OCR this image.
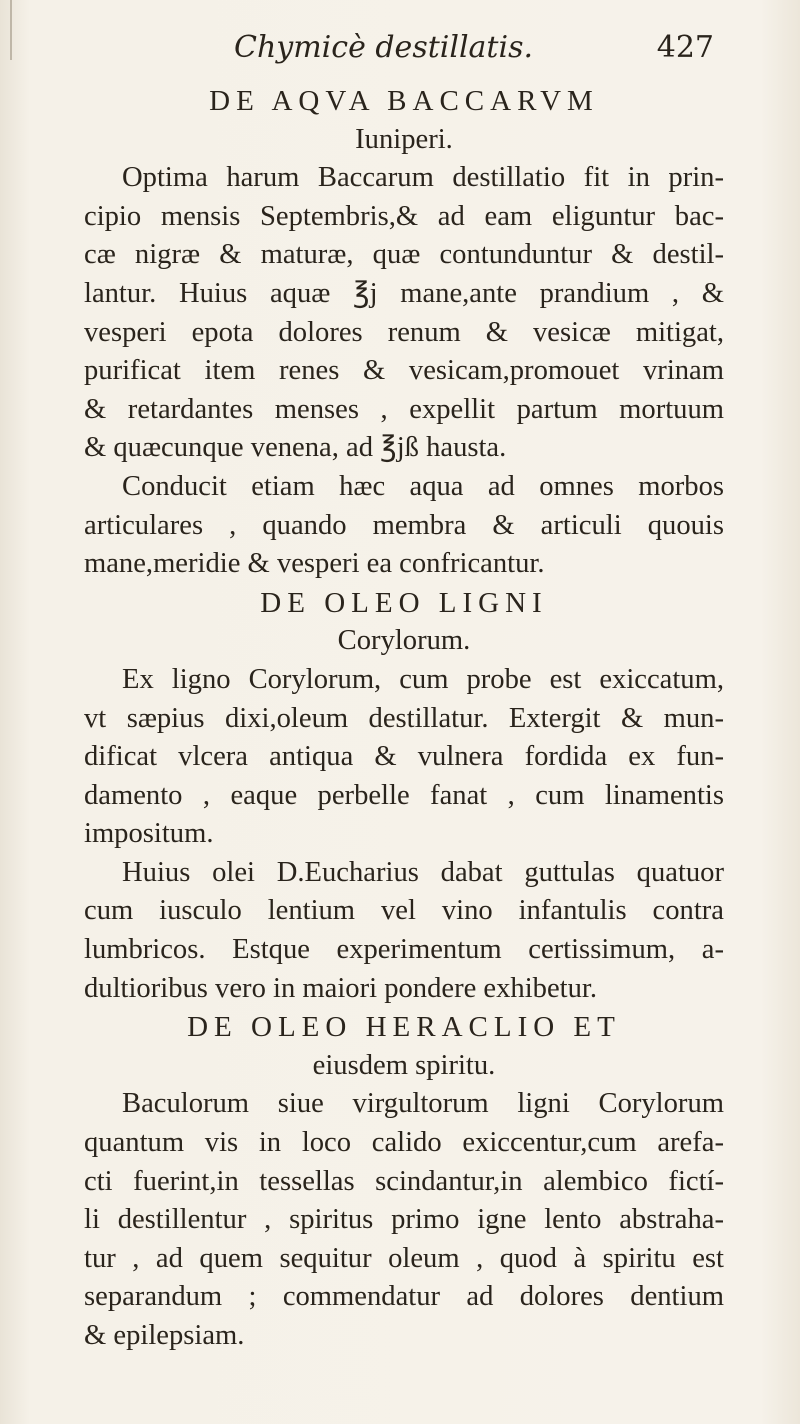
Chymicè destillatis.	427
DE AQVA BACCARVM
Iuniperi.
Optima harum Baccarum destillatio fit in prin-
cipio mensis Septembris,& ad eam eliguntur bac-
cæ nigræ & maturæ, quæ contunduntur & destil-
lantur. Huius aquæ ℥j mane,ante prandium , &
vesperi epota dolores renum & vesicæ mitigat,
purificat item renes & vesicam,promouet vrinam
& retardantes menses , expellit partum mortuum
& quæcunque venena, ad ℥jß hausta.
Conducit etiam hæc aqua ad omnes morbos
articulares , quando membra & articuli quouis
mane,meridie & vesperi ea confricantur.
DE OLEO LIGNI
Corylorum.
Ex ligno Corylorum, cum probe est exiccatum,
vt sæpius dixi,oleum destillatur. Extergit & mun-
dificat vlcera antiqua & vulnera fordida ex fun-
damento , eaque perbelle fanat , cum linamentis
impositum.
Huius olei D.Eucharius dabat guttulas quatuor
cum iusculo lentium vel vino infantulis contra
lumbricos. Estque experimentum certissimum, a-
dultioribus vero in maiori pondere exhibetur.
DE OLEO HERACLIO ET
eiusdem spiritu.
Baculorum siue virgultorum ligni Corylorum
quantum vis in loco calido exiccentur,cum arefa-
cti fuerint,in tessellas scindantur,in alembico fictí-
li destillentur , spiritus primo igne lento abstraha-
tur , ad quem sequitur oleum , quod à spiritu est
separandum ; commendatur ad dolores dentium
& epilepsiam.
